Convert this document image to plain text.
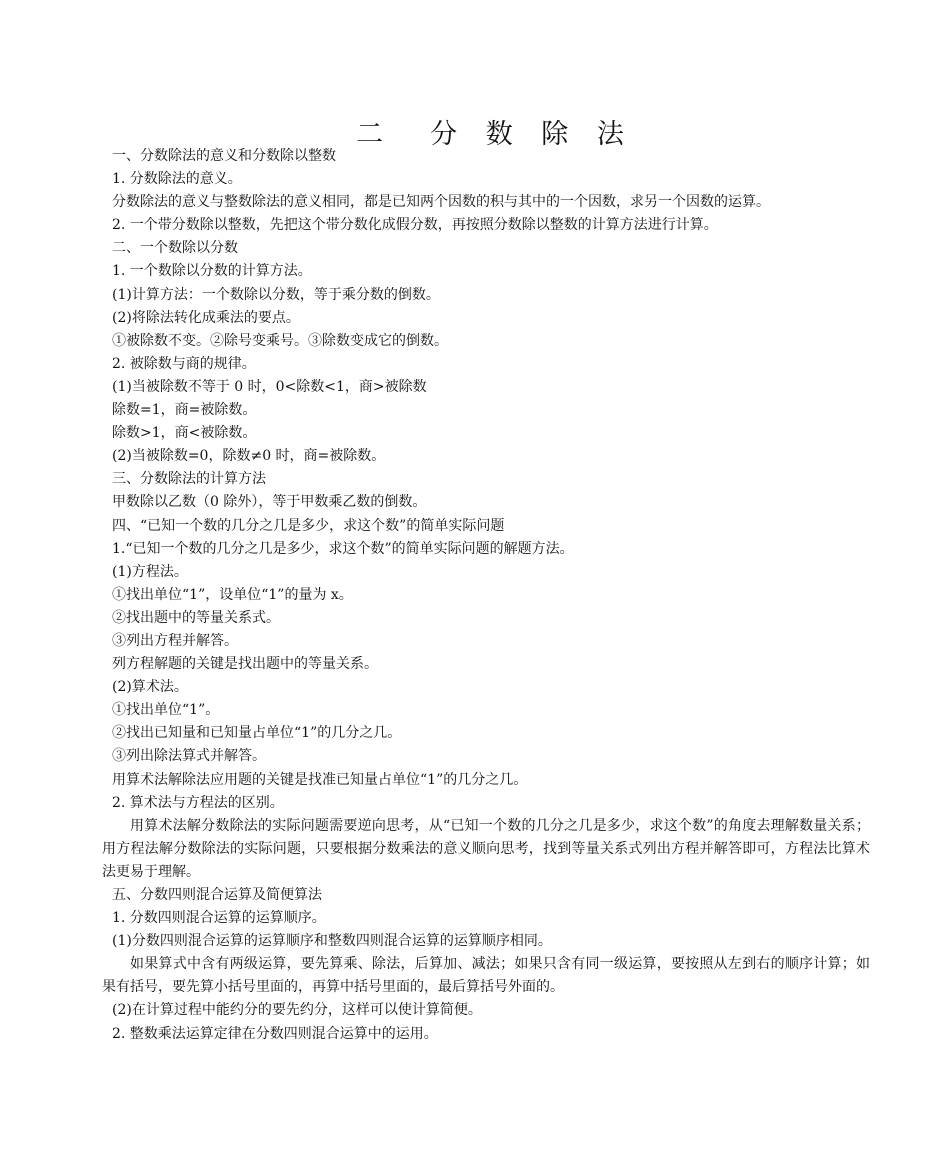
二　分 数 除 法
一、分数除法的意义和分数除以整数
1. 分数除法的意义。
分数除法的意义与整数除法的意义相同，都是已知两个因数的积与其中的一个因数，求另一个因数的运算。
2. 一个带分数除以整数，先把这个带分数化成假分数，再按照分数除以整数的计算方法进行计算。
二、一个数除以分数
1. 一个数除以分数的计算方法。
(1)计算方法：一个数除以分数，等于乘分数的倒数。
(2)将除法转化成乘法的要点。
①被除数不变。②除号变乘号。③除数变成它的倒数。
2. 被除数与商的规律。
(1)当被除数不等于 0 时，0<除数<1，商>被除数
除数=1，商=被除数。
除数>1，商<被除数。
(2)当被除数=0，除数≠0 时，商=被除数。
三、分数除法的计算方法
甲数除以乙数（0 除外），等于甲数乘乙数的倒数。
四、“已知一个数的几分之几是多少，求这个数”的简单实际问题
1.“已知一个数的几分之几是多少，求这个数”的简单实际问题的解题方法。
(1)方程法。
①找出单位“1”，设单位“1”的量为 x。
②找出题中的等量关系式。
③列出方程并解答。
列方程解题的关键是找出题中的等量关系。
(2)算术法。
①找出单位“1”。
②找出已知量和已知量占单位“1”的几分之几。
③列出除法算式并解答。
用算术法解除法应用题的关键是找准已知量占单位“1”的几分之几。
2. 算术法与方程法的区别。
用算术法解分数除法的实际问题需要逆向思考，从“已知一个数的几分之几是多少，求这个数”的角度去理解数量关系；用方程法解分数除法的实际问题，只要根据分数乘法的意义顺向思考，找到等量关系式列出方程并解答即可，方程法比算术法更易于理解。
五、分数四则混合运算及简便算法
1. 分数四则混合运算的运算顺序。
(1)分数四则混合运算的运算顺序和整数四则混合运算的运算顺序相同。
如果算式中含有两级运算，要先算乘、除法，后算加、减法；如果只含有同一级运算，要按照从左到右的顺序计算；如果有括号，要先算小括号里面的，再算中括号里面的，最后算括号外面的。
(2)在计算过程中能约分的要先约分，这样可以使计算简便。
2. 整数乘法运算定律在分数四则混合运算中的运用。
